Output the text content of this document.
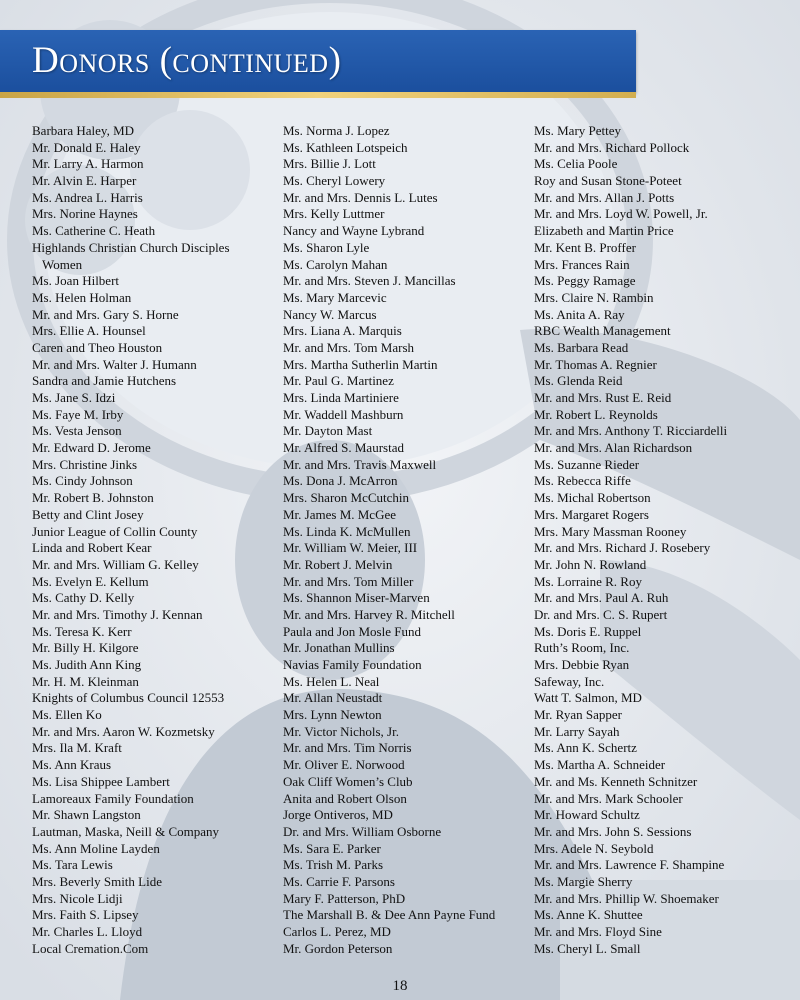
Donors (continued)
Barbara Haley, MD
Mr. Donald E. Haley
Mr. Larry A. Harmon
Mr. Alvin E. Harper
Ms. Andrea L. Harris
Mrs. Norine Haynes
Ms. Catherine C. Heath
Highlands Christian Church Disciples
Women
Ms. Joan Hilbert
Ms. Helen Holman
Mr. and Mrs. Gary S. Horne
Mrs. Ellie A. Hounsel
Caren and Theo Houston
Mr. and Mrs. Walter J. Humann
Sandra and Jamie Hutchens
Ms. Jane S. Idzi
Ms. Faye M. Irby
Ms. Vesta Jenson
Mr. Edward D. Jerome
Mrs. Christine Jinks
Ms. Cindy Johnson
Mr. Robert B. Johnston
Betty and Clint Josey
Junior League of Collin County
Linda and Robert Kear
Mr. and Mrs. William G. Kelley
Ms. Evelyn E. Kellum
Ms. Cathy D. Kelly
Mr. and Mrs. Timothy J. Kennan
Ms. Teresa K. Kerr
Mr. Billy H. Kilgore
Ms. Judith Ann King
Mr. H. M. Kleinman
Knights of Columbus Council 12553
Ms. Ellen Ko
Mr. and Mrs. Aaron W. Kozmetsky
Mrs. Ila M. Kraft
Ms. Ann Kraus
Ms. Lisa Shippee Lambert
Lamoreaux Family Foundation
Mr. Shawn Langston
Lautman, Maska, Neill & Company
Ms. Ann Moline Layden
Ms. Tara Lewis
Mrs. Beverly Smith Lide
Mrs. Nicole Lidji
Mrs. Faith S. Lipsey
Mr. Charles L. Lloyd
Local Cremation.Com
Ms. Norma J. Lopez
Ms. Kathleen Lotspeich
Mrs. Billie J. Lott
Ms. Cheryl Lowery
Mr. and Mrs. Dennis L. Lutes
Mrs. Kelly Luttmer
Nancy and Wayne Lybrand
Ms. Sharon Lyle
Ms. Carolyn Mahan
Mr. and Mrs. Steven J. Mancillas
Ms. Mary Marcevic
Nancy W. Marcus
Mrs. Liana A. Marquis
Mr. and Mrs. Tom Marsh
Mrs. Martha Sutherlin Martin
Mr. Paul G. Martinez
Mrs. Linda Martiniere
Mr. Waddell Mashburn
Mr. Dayton Mast
Mr. Alfred S. Maurstad
Mr. and Mrs. Travis Maxwell
Ms. Dona J. McArron
Mrs. Sharon McCutchin
Mr. James M. McGee
Ms. Linda K. McMullen
Mr. William W. Meier, III
Mr. Robert J. Melvin
Mr. and Mrs. Tom Miller
Ms. Shannon Miser-Marven
Mr. and Mrs. Harvey R. Mitchell
Paula and Jon Mosle Fund
Mr. Jonathan Mullins
Navias Family Foundation
Ms. Helen L. Neal
Mr. Allan Neustadt
Mrs. Lynn Newton
Mr. Victor Nichols, Jr.
Mr. and Mrs. Tim Norris
Mr. Oliver E. Norwood
Oak Cliff Women’s Club
Anita and Robert Olson
Jorge Ontiveros, MD
Dr. and Mrs. William Osborne
Ms. Sara E. Parker
Ms. Trish M. Parks
Ms. Carrie F. Parsons
Mary F. Patterson, PhD
The Marshall B. & Dee Ann Payne Fund
Carlos L. Perez, MD
Mr. Gordon Peterson
Ms. Mary Pettey
Mr. and Mrs. Richard Pollock
Ms. Celia Poole
Roy and Susan Stone-Poteet
Mr. and Mrs. Allan J. Potts
Mr. and Mrs. Loyd W. Powell, Jr.
Elizabeth and Martin Price
Mr. Kent B. Proffer
Mrs. Frances Rain
Ms. Peggy Ramage
Mrs. Claire N. Rambin
Ms. Anita A. Ray
RBC Wealth Management
Ms. Barbara Read
Mr. Thomas A. Regnier
Ms. Glenda Reid
Mr. and Mrs. Rust E. Reid
Mr. Robert L. Reynolds
Mr. and Mrs. Anthony T. Ricciardelli
Mr. and Mrs. Alan Richardson
Ms. Suzanne Rieder
Ms. Rebecca Riffe
Ms. Michal Robertson
Mrs. Margaret Rogers
Mrs. Mary Massman Rooney
Mr. and Mrs. Richard J. Rosebery
Mr. John N. Rowland
Ms. Lorraine R. Roy
Mr. and Mrs. Paul A. Ruh
Dr. and Mrs. C. S. Rupert
Ms. Doris E. Ruppel
Ruth’s Room, Inc.
Mrs. Debbie Ryan
Safeway, Inc.
Watt T. Salmon, MD
Mr. Ryan Sapper
Mr. Larry Sayah
Ms. Ann K. Schertz
Ms. Martha A. Schneider
Mr. and Ms. Kenneth Schnitzer
Mr. and Mrs. Mark Schooler
Mr. Howard Schultz
Mr. and Mrs. John S. Sessions
Mrs. Adele N. Seybold
Mr. and Mrs. Lawrence F. Shampine
Ms. Margie Sherry
Mr. and Mrs. Phillip W. Shoemaker
Ms. Anne K. Shuttee
Mr. and Mrs. Floyd Sine
Ms. Cheryl L. Small
18
